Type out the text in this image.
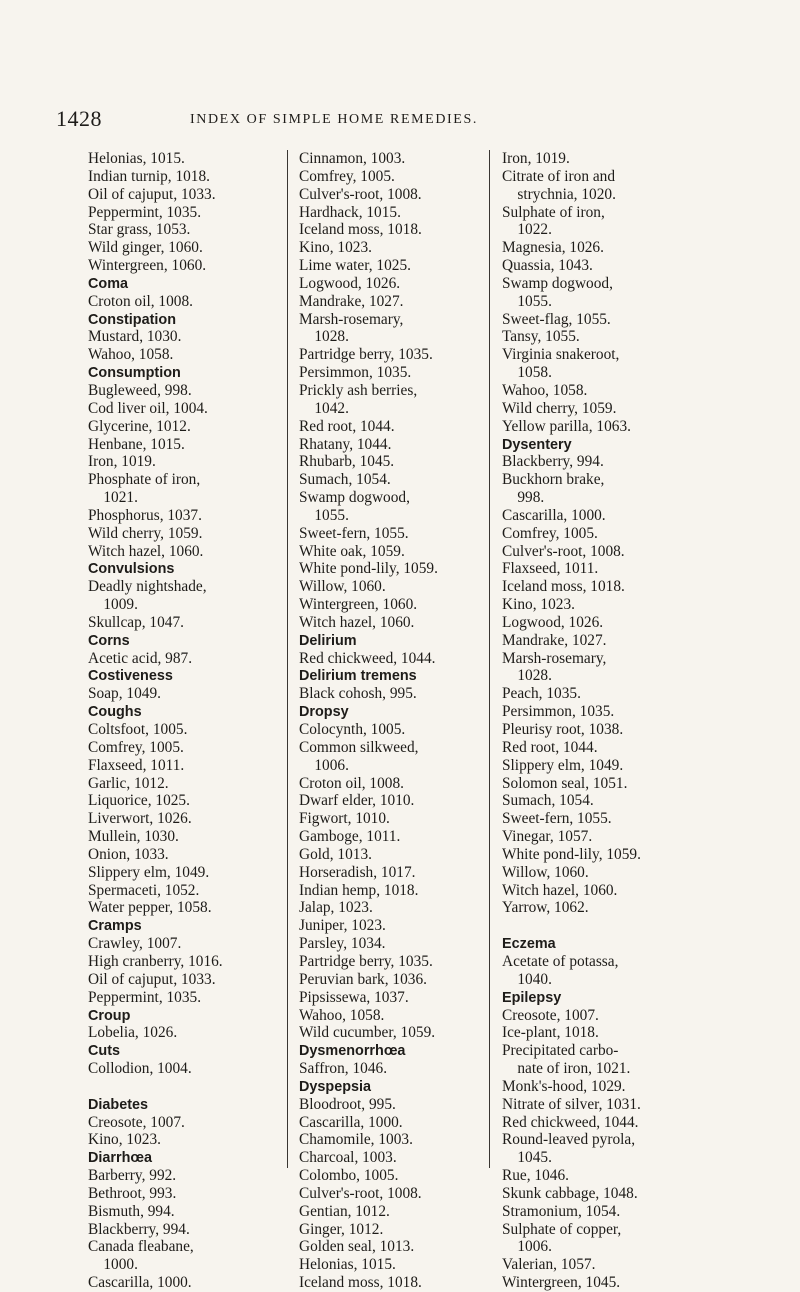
1428	INDEX OF SIMPLE HOME REMEDIES.
Helonias, 1015.
Indian turnip, 1018.
Oil of cajuput, 1033.
Peppermint, 1035.
Star grass, 1053.
Wild ginger, 1060.
Wintergreen, 1060.
Coma
Croton oil, 1008.
Constipation
Mustard, 1030.
Wahoo, 1058.
Consumption
Bugleweed, 998.
Cod liver oil, 1004.
Glycerine, 1012.
Henbane, 1015.
Iron, 1019.
Phosphate of iron,
1021.
Phosphorus, 1037.
Wild cherry, 1059.
Witch hazel, 1060.
Convulsions
Deadly nightshade,
1009.
Skullcap, 1047.
Corns
Acetic acid, 987.
Costiveness
Soap, 1049.
Coughs
Coltsfoot, 1005.
Comfrey, 1005.
Flaxseed, 1011.
Garlic, 1012.
Liquorice, 1025.
Liverwort, 1026.
Mullein, 1030.
Onion, 1033.
Slippery elm, 1049.
Spermaceti, 1052.
Water pepper, 1058.
Cramps
Crawley, 1007.
High cranberry, 1016.
Oil of cajuput, 1033.
Peppermint, 1035.
Croup
Lobelia, 1026.
Cuts
Collodion, 1004.
Diabetes
Creosote, 1007.
Kino, 1023.
Diarrhœa
Barberry, 992.
Bethroot, 993.
Bismuth, 994.
Blackberry, 994.
Canada fleabane,
1000.
Cascarilla, 1000.
Cinnamon, 1003.
Comfrey, 1005.
Culver's-root, 1008.
Hardhack, 1015.
Iceland moss, 1018.
Kino, 1023.
Lime water, 1025.
Logwood, 1026.
Mandrake, 1027.
Marsh-rosemary,
1028.
Partridge berry, 1035.
Persimmon, 1035.
Prickly ash berries,
1042.
Red root, 1044.
Rhatany, 1044.
Rhubarb, 1045.
Sumach, 1054.
Swamp dogwood,
1055.
Sweet-fern, 1055.
White oak, 1059.
White pond-lily, 1059.
Willow, 1060.
Wintergreen, 1060.
Witch hazel, 1060.
Delirium
Red chickweed, 1044.
Delirium tremens
Black cohosh, 995.
Dropsy
Colocynth, 1005.
Common silkweed,
1006.
Croton oil, 1008.
Dwarf elder, 1010.
Figwort, 1010.
Gamboge, 1011.
Gold, 1013.
Horseradish, 1017.
Indian hemp, 1018.
Jalap, 1023.
Juniper, 1023.
Parsley, 1034.
Partridge berry, 1035.
Peruvian bark, 1036.
Pipsissewa, 1037.
Wahoo, 1058.
Wild cucumber, 1059.
Dysmenorrhœa
Saffron, 1046.
Dyspepsia
Bloodroot, 995.
Cascarilla, 1000.
Chamomile, 1003.
Charcoal, 1003.
Colombo, 1005.
Culver's-root, 1008.
Gentian, 1012.
Ginger, 1012.
Golden seal, 1013.
Helonias, 1015.
Iceland moss, 1018.
Iron, 1019.
Citrate of iron and
strychnia, 1020.
Sulphate of iron,
1022.
Magnesia, 1026.
Quassia, 1043.
Swamp dogwood,
1055.
Sweet-flag, 1055.
Tansy, 1055.
Virginia snakeroot,
1058.
Wahoo, 1058.
Wild cherry, 1059.
Yellow parilla, 1063.
Dysentery
Blackberry, 994.
Buckhorn brake,
998.
Cascarilla, 1000.
Comfrey, 1005.
Culver's-root, 1008.
Flaxseed, 1011.
Iceland moss, 1018.
Kino, 1023.
Logwood, 1026.
Mandrake, 1027.
Marsh-rosemary,
1028.
Peach, 1035.
Persimmon, 1035.
Pleurisy root, 1038.
Red root, 1044.
Slippery elm, 1049.
Solomon seal, 1051.
Sumach, 1054.
Sweet-fern, 1055.
Vinegar, 1057.
White pond-lily, 1059.
Willow, 1060.
Witch hazel, 1060.
Yarrow, 1062.
Eczema
Acetate of potassa,
1040.
Epilepsy
Creosote, 1007.
Ice-plant, 1018.
Precipitated carbo-
nate of iron, 1021.
Monk's-hood, 1029.
Nitrate of silver, 1031.
Red chickweed, 1044.
Round-leaved pyrola,
1045.
Rue, 1046.
Skunk cabbage, 1048.
Stramonium, 1054.
Sulphate of copper,
1006.
Valerian, 1057.
Wintergreen, 1045.
